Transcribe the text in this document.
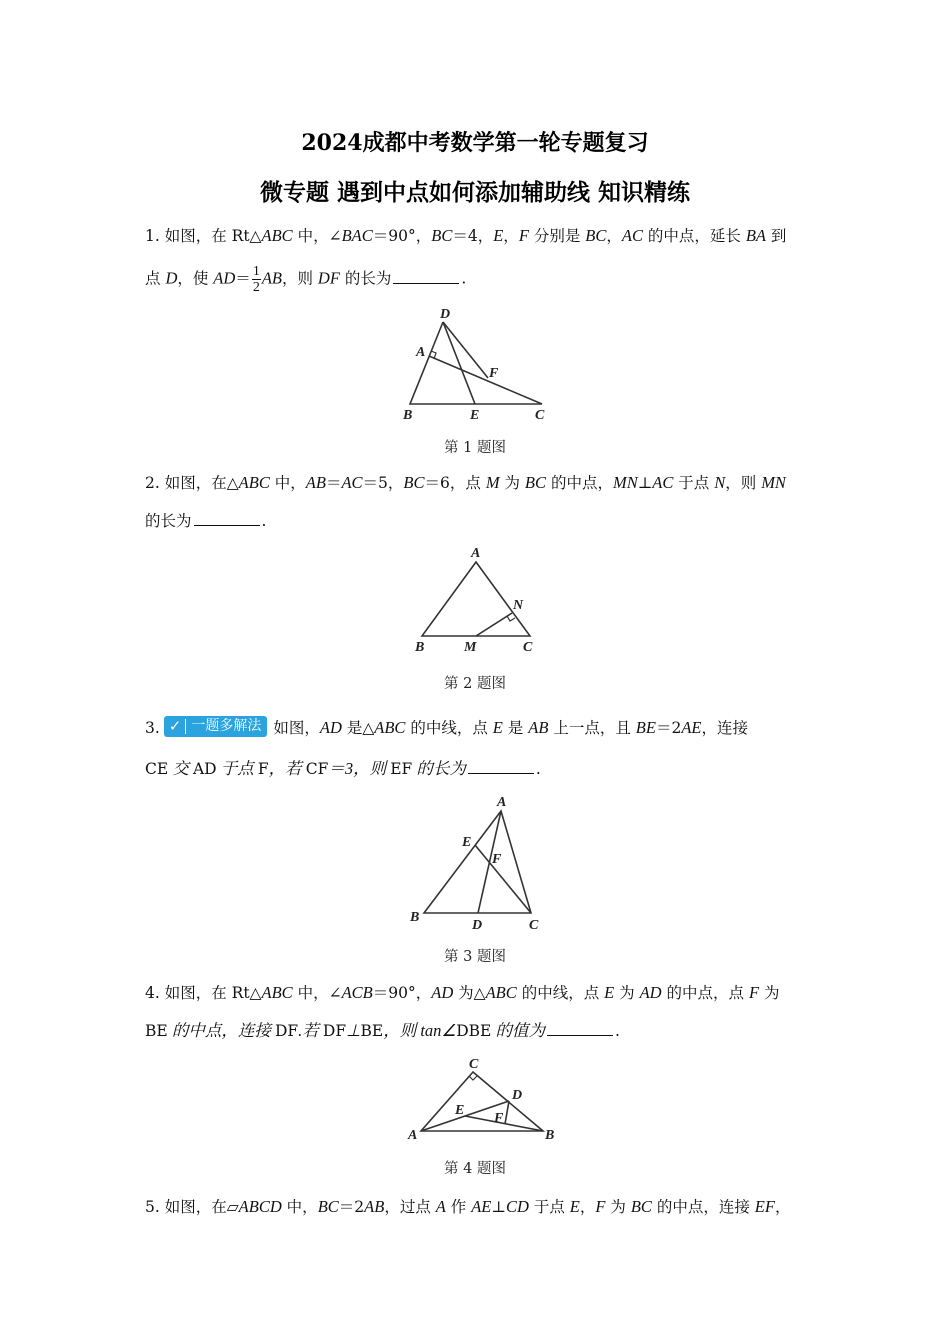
2024成都中考数学第一轮专题复习
微专题 遇到中点如何添加辅助线 知识精练
1. 如图，在 Rt△ABC 中，∠BAC＝90°，BC＝4，E，F 分别是 BC，AC 的中点，延长 BA 到
点 D，使 $AD= \frac{1}{2}$ AB，则 DF 的长为	.
D
A
F
B	E	C
A
N
B	M	C
A
E
F
B
D	C
C
D
E
F
A	B
第 1 题图
2. 如图，在△ABC 中，AB＝AC＝5，BC＝6，点 M 为 BC 的中点，MN⊥AC 于点 N，则 MN
的长为	.
第 2 题图
3. ✓ 一题多解法 如图，AD 是△ABC 的中线，点 E 是 AB 上一点，且 BE＝2AE，连接
CE 交 AD 于点 F，若 CF＝3，则 EF 的长为	.
第 3 题图
4. 如图，在 Rt△ABC 中，∠ACB＝90°，AD 为△ABC 的中线，点 E 为 AD 的中点，点 F 为
BE 的中点，连接 DF.若 DF⊥BE，则 tan∠DBE 的值为	.
第 4 题图
5. 如图，在▱ABCD 中，BC＝2AB，过点 A 作 AE⊥CD 于点 E，F 为 BC 的中点，连接 EF，
